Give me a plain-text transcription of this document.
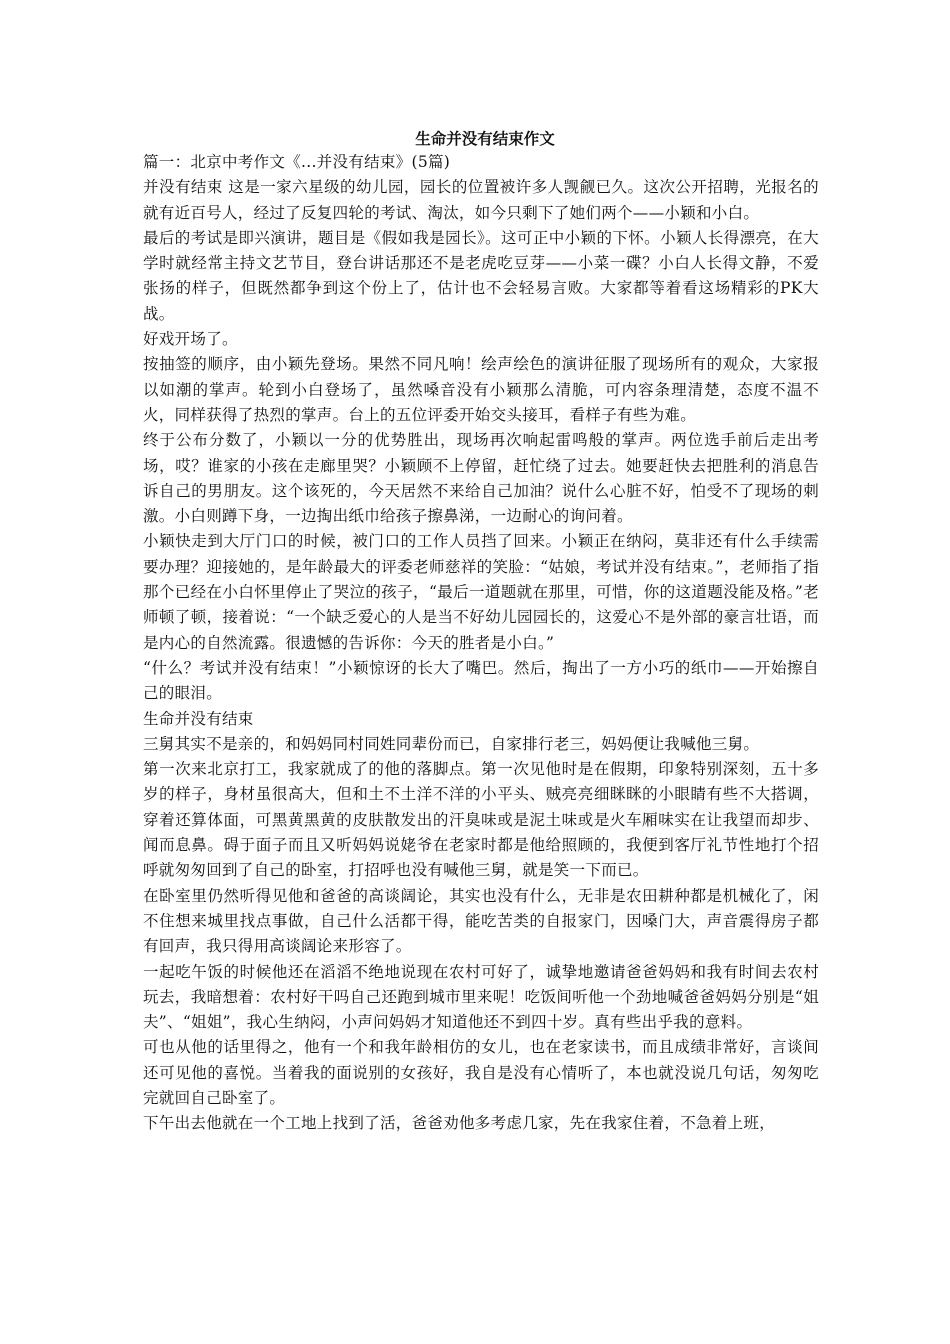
生命并没有结束作文

篇一：北京中考作文《...并没有结束》(5篇)

并没有结束 这是一家六星级的幼儿园，园长的位置被许多人觊觎已久。这次公开招聘，光报名的就有近百号人，经过了反复四轮的考试、淘汰，如今只剩下了她们两个——小颖和小白。

最后的考试是即兴演讲，题目是《假如我是园长》。这可正中小颖的下怀。小颖人长得漂亮，在大学时就经常主持文艺节目，登台讲话那还不是老虎吃豆芽——小菜一碟？小白人长得文静，不爱张扬的样子，但既然都争到这个份上了，估计也不会轻易言败。大家都等着看这场精彩的PK大战。

好戏开场了。

按抽签的顺序，由小颖先登场。果然不同凡响！绘声绘色的演讲征服了现场所有的观众，大家报以如潮的掌声。轮到小白登场了，虽然嗓音没有小颖那么清脆，可内容条理清楚，态度不温不火，同样获得了热烈的掌声。台上的五位评委开始交头接耳，看样子有些为难。

终于公布分数了，小颖以一分的优势胜出，现场再次响起雷鸣般的掌声。两位选手前后走出考场，哎？谁家的小孩在走廊里哭？小颖顾不上停留，赶忙绕了过去。她要赶快去把胜利的消息告诉自己的男朋友。这个该死的，今天居然不来给自己加油？说什么心脏不好，怕受不了现场的刺激。小白则蹲下身，一边掏出纸巾给孩子擦鼻涕，一边耐心的询问着。

小颖快走到大厅门口的时候，被门口的工作人员挡了回来。小颖正在纳闷，莫非还有什么手续需要办理？迎接她的，是年龄最大的评委老师慈祥的笑脸：“姑娘，考试并没有结束。”，老师指了指那个已经在小白怀里停止了哭泣的孩子，“最后一道题就在那里，可惜，你的这道题没能及格。”老师顿了顿，接着说：“一个缺乏爱心的人是当不好幼儿园园长的，这爱心不是外部的豪言壮语，而是内心的自然流露。很遗憾的告诉你：今天的胜者是小白。”

“什么？考试并没有结束！”小颖惊讶的长大了嘴巴。然后，掏出了一方小巧的纸巾——开始擦自己的眼泪。

生命并没有结束

三舅其实不是亲的，和妈妈同村同姓同辈份而已，自家排行老三，妈妈便让我喊他三舅。

第一次来北京打工，我家就成了的他的落脚点。第一次见他时是在假期，印象特别深刻，五十多岁的样子，身材虽很高大，但和土不土洋不洋的小平头、贼亮亮细眯眯的小眼睛有些不大搭调，穿着还算体面，可黑黄黑黄的皮肤散发出的汗臭味或是泥土味或是火车厢味实在让我望而却步、闻而息鼻。碍于面子而且又听妈妈说姥爷在老家时都是他给照顾的，我便到客厅礼节性地打个招呼就匆匆回到了自己的卧室，打招呼也没有喊他三舅，就是笑一下而已。

在卧室里仍然听得见他和爸爸的高谈阔论，其实也没有什么，无非是农田耕种都是机械化了，闲不住想来城里找点事做，自己什么活都干得，能吃苦类的自报家门，因嗓门大，声音震得房子都有回声，我只得用高谈阔论来形容了。

一起吃午饭的时候他还在滔滔不绝地说现在农村可好了，诚挚地邀请爸爸妈妈和我有时间去农村玩去，我暗想着：农村好干吗自己还跑到城市里来呢！吃饭间听他一个劲地喊爸爸妈妈分别是“姐夫”、“姐姐”，我心生纳闷，小声问妈妈才知道他还不到四十岁。真有些出乎我的意料。

可也从他的话里得之，他有一个和我年龄相仿的女儿，也在老家读书，而且成绩非常好，言谈间还可见他的喜悦。当着我的面说别的女孩好，我自是没有心情听了，本也就没说几句话，匆匆吃完就回自己卧室了。

下午出去他就在一个工地上找到了活，爸爸劝他多考虑几家，先在我家住着，不急着上班，
